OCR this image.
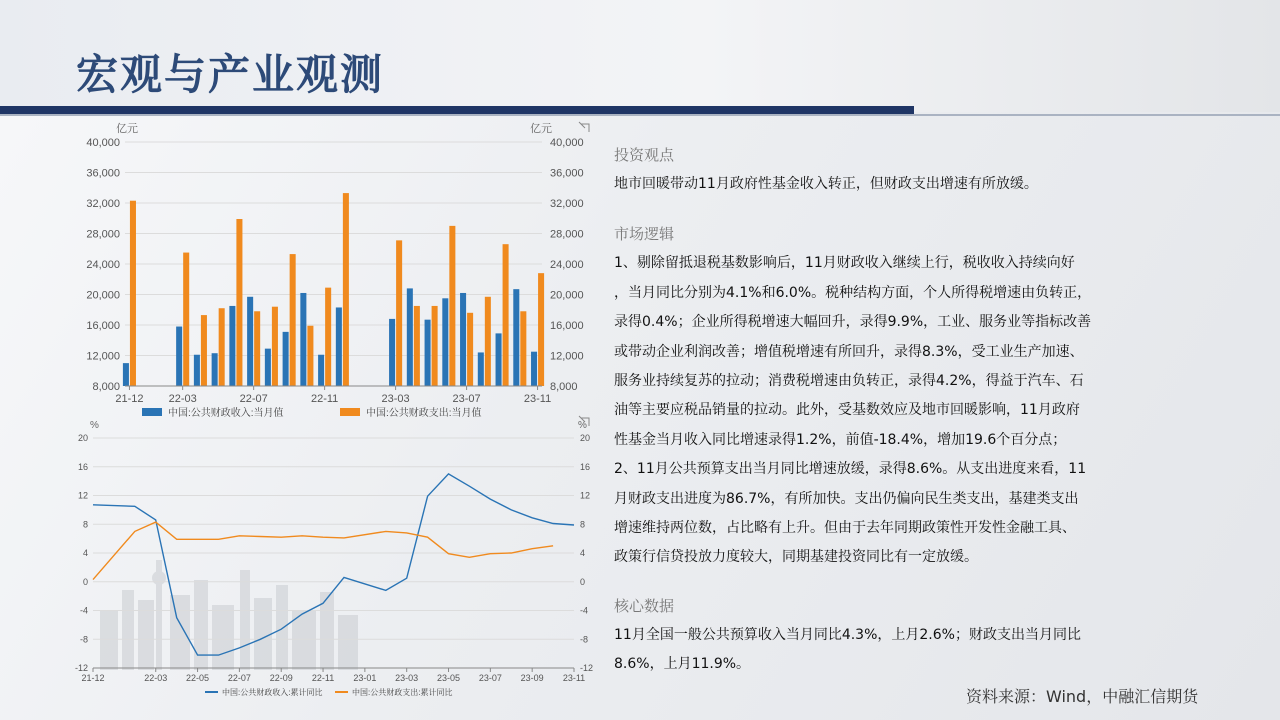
宏观与产业观测
亿元	亿元
40,000	40,000
36,000	36,000
32,000	32,000
28,000	28,000
24,000	24,000
20,000	20,000
16,000	16,000
12,000	12,000
8,000	8,000
21-12 22-03	22-07	22-11	23-03	23-07	23-11
中国:公共财政收入:当月值	中国:公共财政支出:当月值
%	%
20	20
16	16
12	12
8	8
4	4
0	0
-4	-4
-8	-8
-12	-12
21-12	22-03 22-05 22-07 22-09 22-11 23-01 23-03 23-05 23-07 23-09 23-11
中国:公共财政收入:累计同比	中国:公共财政支出:累计同比
投资观点
地市回暖带动11月政府性基金收入转正，但财政支出增速有所放缓。
市场逻辑
1、剔除留抵退税基数影响后，11月财政收入继续上行，税收收入持续向好
，当月同比分别为4.1%和6.0%。税种结构方面，个人所得税增速由负转正，
录得0.4%；企业所得税增速大幅回升，录得9.9%，工业、服务业等指标改善
或带动企业利润改善；增值税增速有所回升，录得8.3%，受工业生产加速、
服务业持续复苏的拉动；消费税增速由负转正，录得4.2%，得益于汽车、石
油等主要应税品销量的拉动。此外，受基数效应及地市回暖影响，11月政府
性基金当月收入同比增速录得1.2%，前值-18.4%，增加19.6个百分点；
2、11月公共预算支出当月同比增速放缓，录得8.6%。从支出进度来看，11
月财政支出进度为86.7%，有所加快。支出仍偏向民生类支出，基建类支出
增速维持两位数，占比略有上升。但由于去年同期政策性开发性金融工具、
政策行信贷投放力度较大，同期基建投资同比有一定放缓。
核心数据
11月全国一般公共预算收入当月同比4.3%，上月2.6%；财政支出当月同比
8.6%，上月11.9%。
资料来源：Wind，中融汇信期货
